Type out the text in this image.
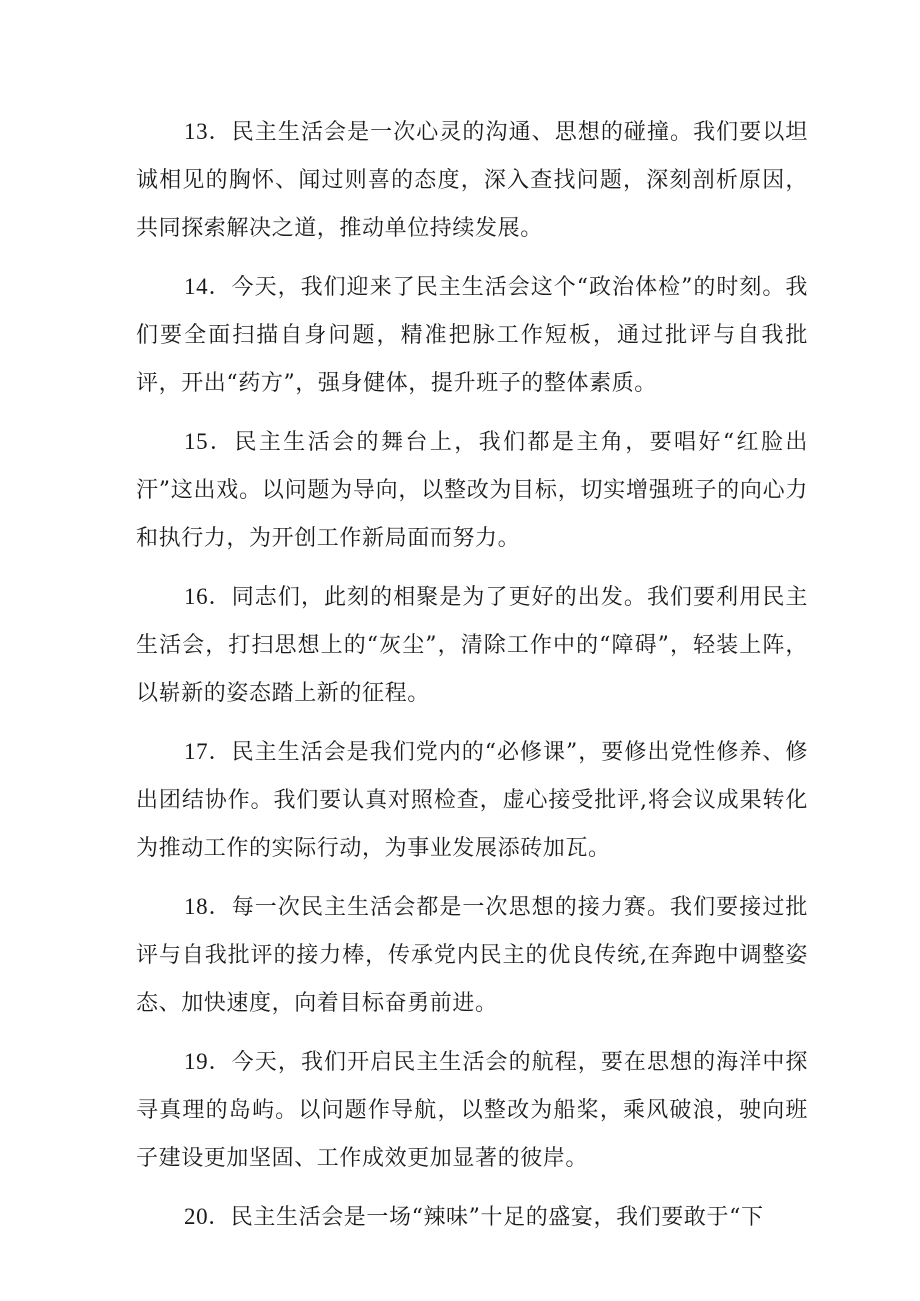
13．民主生活会是一次心灵的沟通、思想的碰撞。我们要以坦诚相见的胸怀、闻过则喜的态度，深入查找问题，深刻剖析原因，共同探索解决之道，推动单位持续发展。

14．今天，我们迎来了民主生活会这个“政治体检”的时刻。我们要全面扫描自身问题，精准把脉工作短板，通过批评与自我批评，开出“药方”，强身健体，提升班子的整体素质。

15．民主生活会的舞台上，我们都是主角，要唱好“红脸出汗”这出戏。以问题为导向，以整改为目标，切实增强班子的向心力和执行力，为开创工作新局面而努力。

16．同志们，此刻的相聚是为了更好的出发。我们要利用民主生活会，打扫思想上的“灰尘”，清除工作中的“障碍”，轻装上阵，以崭新的姿态踏上新的征程。

17．民主生活会是我们党内的“必修课”，要修出党性修养、修出团结协作。我们要认真对照检查，虚心接受批评,将会议成果转化为推动工作的实际行动，为事业发展添砖加瓦。

18．每一次民主生活会都是一次思想的接力赛。我们要接过批评与自我批评的接力棒，传承党内民主的优良传统,在奔跑中调整姿态、加快速度，向着目标奋勇前进。

19．今天，我们开启民主生活会的航程，要在思想的海洋中探寻真理的岛屿。以问题作导航，以整改为船桨，乘风破浪，驶向班子建设更加坚固、工作成效更加显著的彼岸。

20．民主生活会是一场“辣味”十足的盛宴，我们要敢于“下
